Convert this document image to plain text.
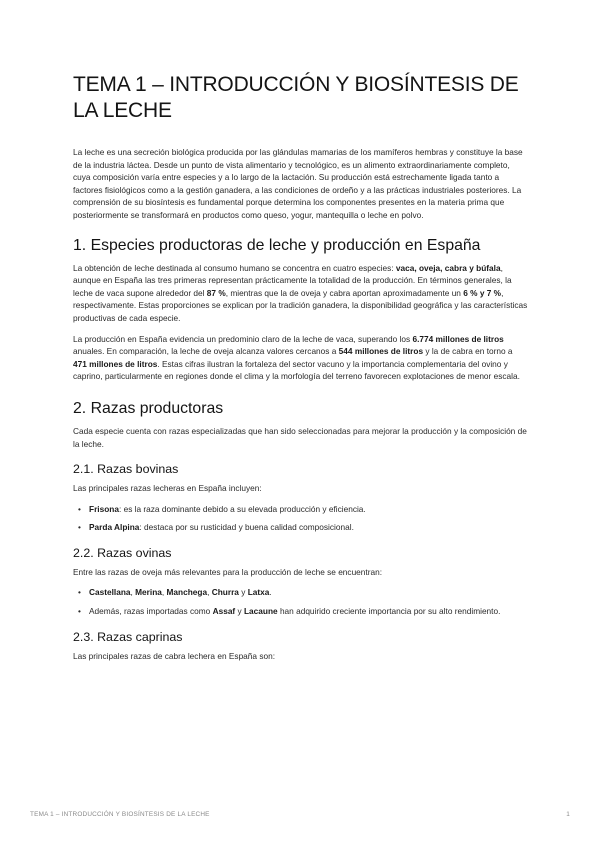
TEMA 1 – INTRODUCCIÓN Y BIOSÍNTESIS DE LA LECHE

La leche es una secreción biológica producida por las glándulas mamarias de los mamíferos hembras y constituye la base de la industria láctea. Desde un punto de vista alimentario y tecnológico, es un alimento extraordinariamente completo, cuya composición varía entre especies y a lo largo de la lactación. Su producción está estrechamente ligada tanto a factores fisiológicos como a la gestión ganadera, a las condiciones de ordeño y a las prácticas industriales posteriores. La comprensión de su biosíntesis es fundamental porque determina los componentes presentes en la materia prima que posteriormente se transformará en productos como queso, yogur, mantequilla o leche en polvo.

1. Especies productoras de leche y producción en España

La obtención de leche destinada al consumo humano se concentra en cuatro especies: vaca, oveja, cabra y búfala, aunque en España las tres primeras representan prácticamente la totalidad de la producción. En términos generales, la leche de vaca supone alrededor del 87 %, mientras que la de oveja y cabra aportan aproximadamente un 6 % y 7 %, respectivamente. Estas proporciones se explican por la tradición ganadera, la disponibilidad geográfica y las características productivas de cada especie.

La producción en España evidencia un predominio claro de la leche de vaca, superando los 6.774 millones de litros anuales. En comparación, la leche de oveja alcanza valores cercanos a 544 millones de litros y la de cabra en torno a 471 millones de litros. Estas cifras ilustran la fortaleza del sector vacuno y la importancia complementaria del ovino y caprino, particularmente en regiones donde el clima y la morfología del terreno favorecen explotaciones de menor escala.

2. Razas productoras

Cada especie cuenta con razas especializadas que han sido seleccionadas para mejorar la producción y la composición de la leche.

2.1. Razas bovinas

Las principales razas lecheras en España incluyen:

• Frisona: es la raza dominante debido a su elevada producción y eficiencia.
• Parda Alpina: destaca por su rusticidad y buena calidad composicional.
2.2. Razas ovinas

Entre las razas de oveja más relevantes para la producción de leche se encuentran:

• Castellana, Merina, Manchega, Churra y Latxa.
• Además, razas importadas como Assaf y Lacaune han adquirido creciente importancia por su alto rendimiento.
2.3. Razas caprinas

Las principales razas de cabra lechera en España son:

TEMA 1 – INTRODUCCIÓN Y BIOSÍNTESIS DE LA LECHE	1
